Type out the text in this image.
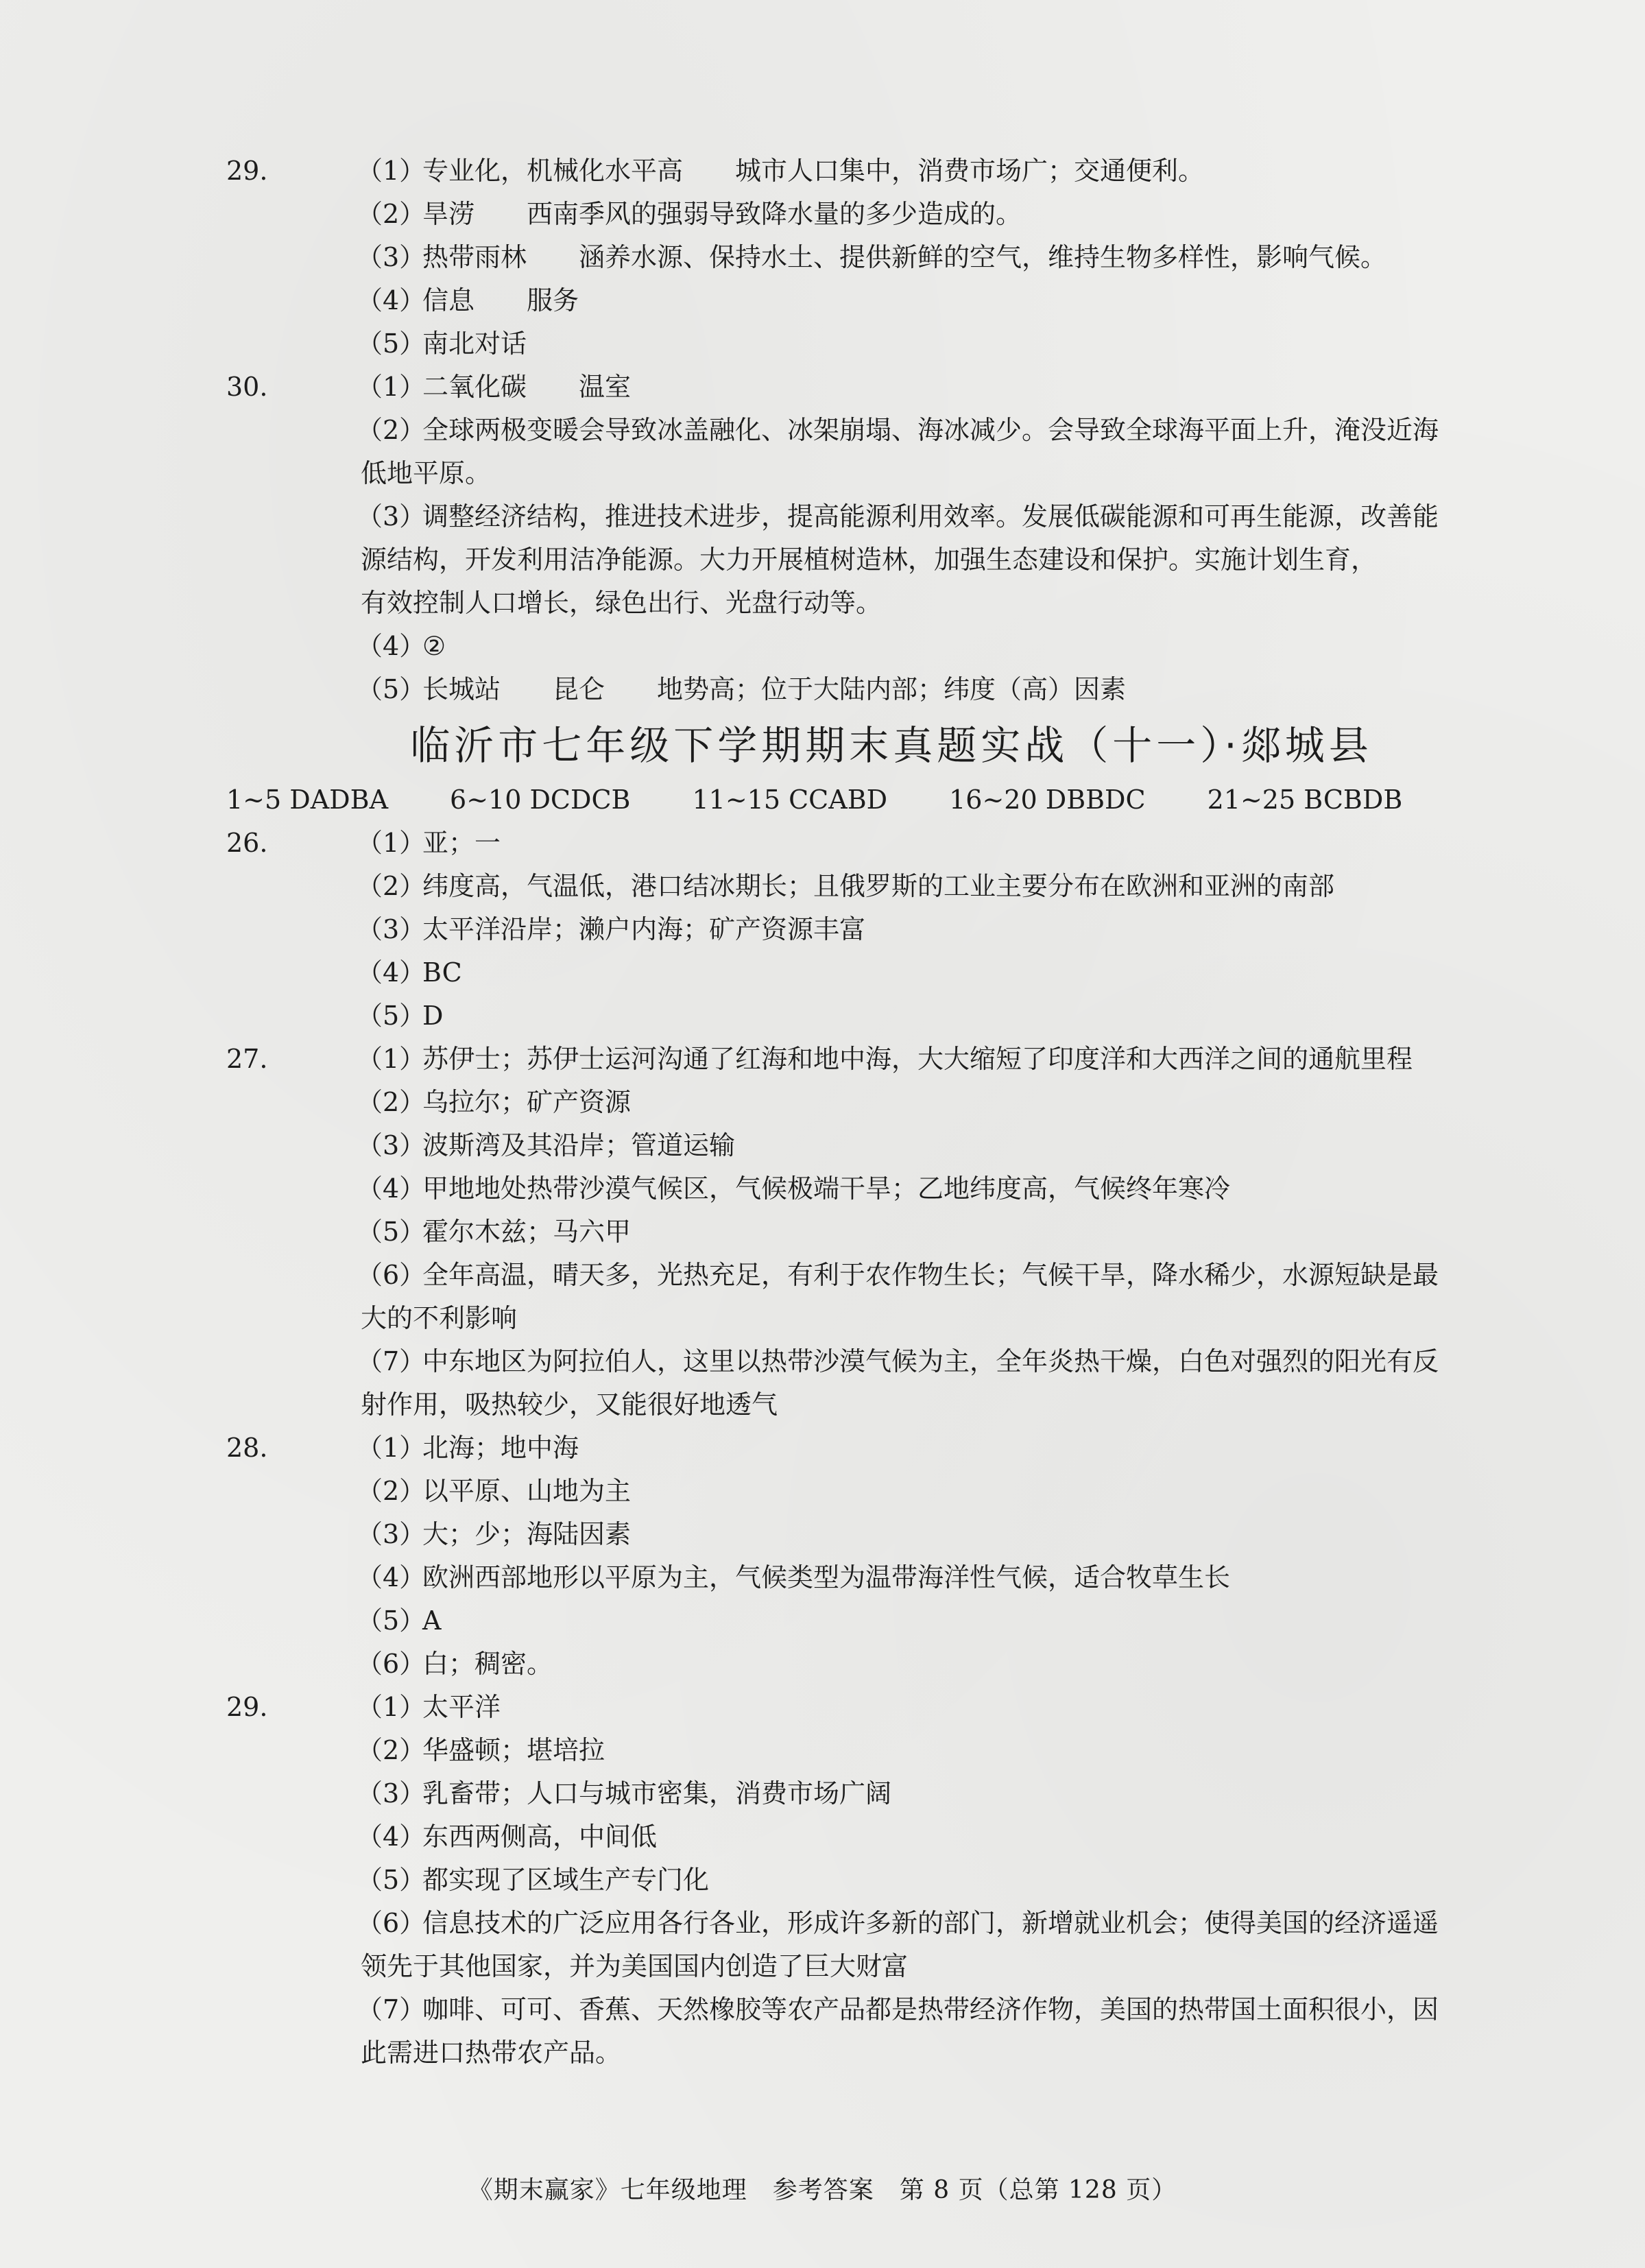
29.	（1）专业化，机械化水平高　　城市人口集中，消费市场广；交通便利。
（2）旱涝　　西南季风的强弱导致降水量的多少造成的。
（3）热带雨林　　涵养水源、保持水土、提供新鲜的空气，维持生物多样性，影响气候。
（4）信息　　服务
（5）南北对话
30.	（1）二氧化碳　　温室
（2）全球两极变暖会导致冰盖融化、冰架崩塌、海冰减少。会导致全球海平面上升，淹没近海
低地平原。
（3）调整经济结构，推进技术进步，提高能源利用效率。发展低碳能源和可再生能源，改善能
源结构，开发利用洁净能源。大力开展植树造林，加强生态建设和保护。实施计划生育，
有效控制人口增长，绿色出行、光盘行动等。
（4）②
（5）长城站　　昆仑　　地势高；位于大陆内部；纬度（高）因素
临沂市七年级下学期期末真题实战（十一）·郯城县
1~5 DADBA 6~10 DCDCB 11~15 CCABD 16~20 DBBDC 21~25 BCBDB
26.	（1）亚；一
（2）纬度高，气温低，港口结冰期长；且俄罗斯的工业主要分布在欧洲和亚洲的南部
（3）太平洋沿岸；濑户内海；矿产资源丰富
（4）BC
（5）D
27.	（1）苏伊士；苏伊士运河沟通了红海和地中海，大大缩短了印度洋和大西洋之间的通航里程
（2）乌拉尔；矿产资源
（3）波斯湾及其沿岸；管道运输
（4）甲地地处热带沙漠气候区，气候极端干旱；乙地纬度高，气候终年寒冷
（5）霍尔木兹；马六甲
（6）全年高温，晴天多，光热充足，有利于农作物生长；气候干旱，降水稀少，水源短缺是最
大的不利影响
（7）中东地区为阿拉伯人，这里以热带沙漠气候为主，全年炎热干燥，白色对强烈的阳光有反
射作用，吸热较少，又能很好地透气
28.	（1）北海；地中海
（2）以平原、山地为主
（3）大；少；海陆因素
（4）欧洲西部地形以平原为主，气候类型为温带海洋性气候，适合牧草生长
（5）A
（6）白；稠密。
29.	（1）太平洋
（2）华盛顿；堪培拉
（3）乳畜带；人口与城市密集，消费市场广阔
（4）东西两侧高，中间低
（5）都实现了区域生产专门化
（6）信息技术的广泛应用各行各业，形成许多新的部门，新增就业机会；使得美国的经济遥遥
领先于其他国家，并为美国国内创造了巨大财富
（7）咖啡、可可、香蕉、天然橡胶等农产品都是热带经济作物，美国的热带国土面积很小，因
此需进口热带农产品。
《期末赢家》七年级地理　参考答案　第 8 页（总第 128 页）
